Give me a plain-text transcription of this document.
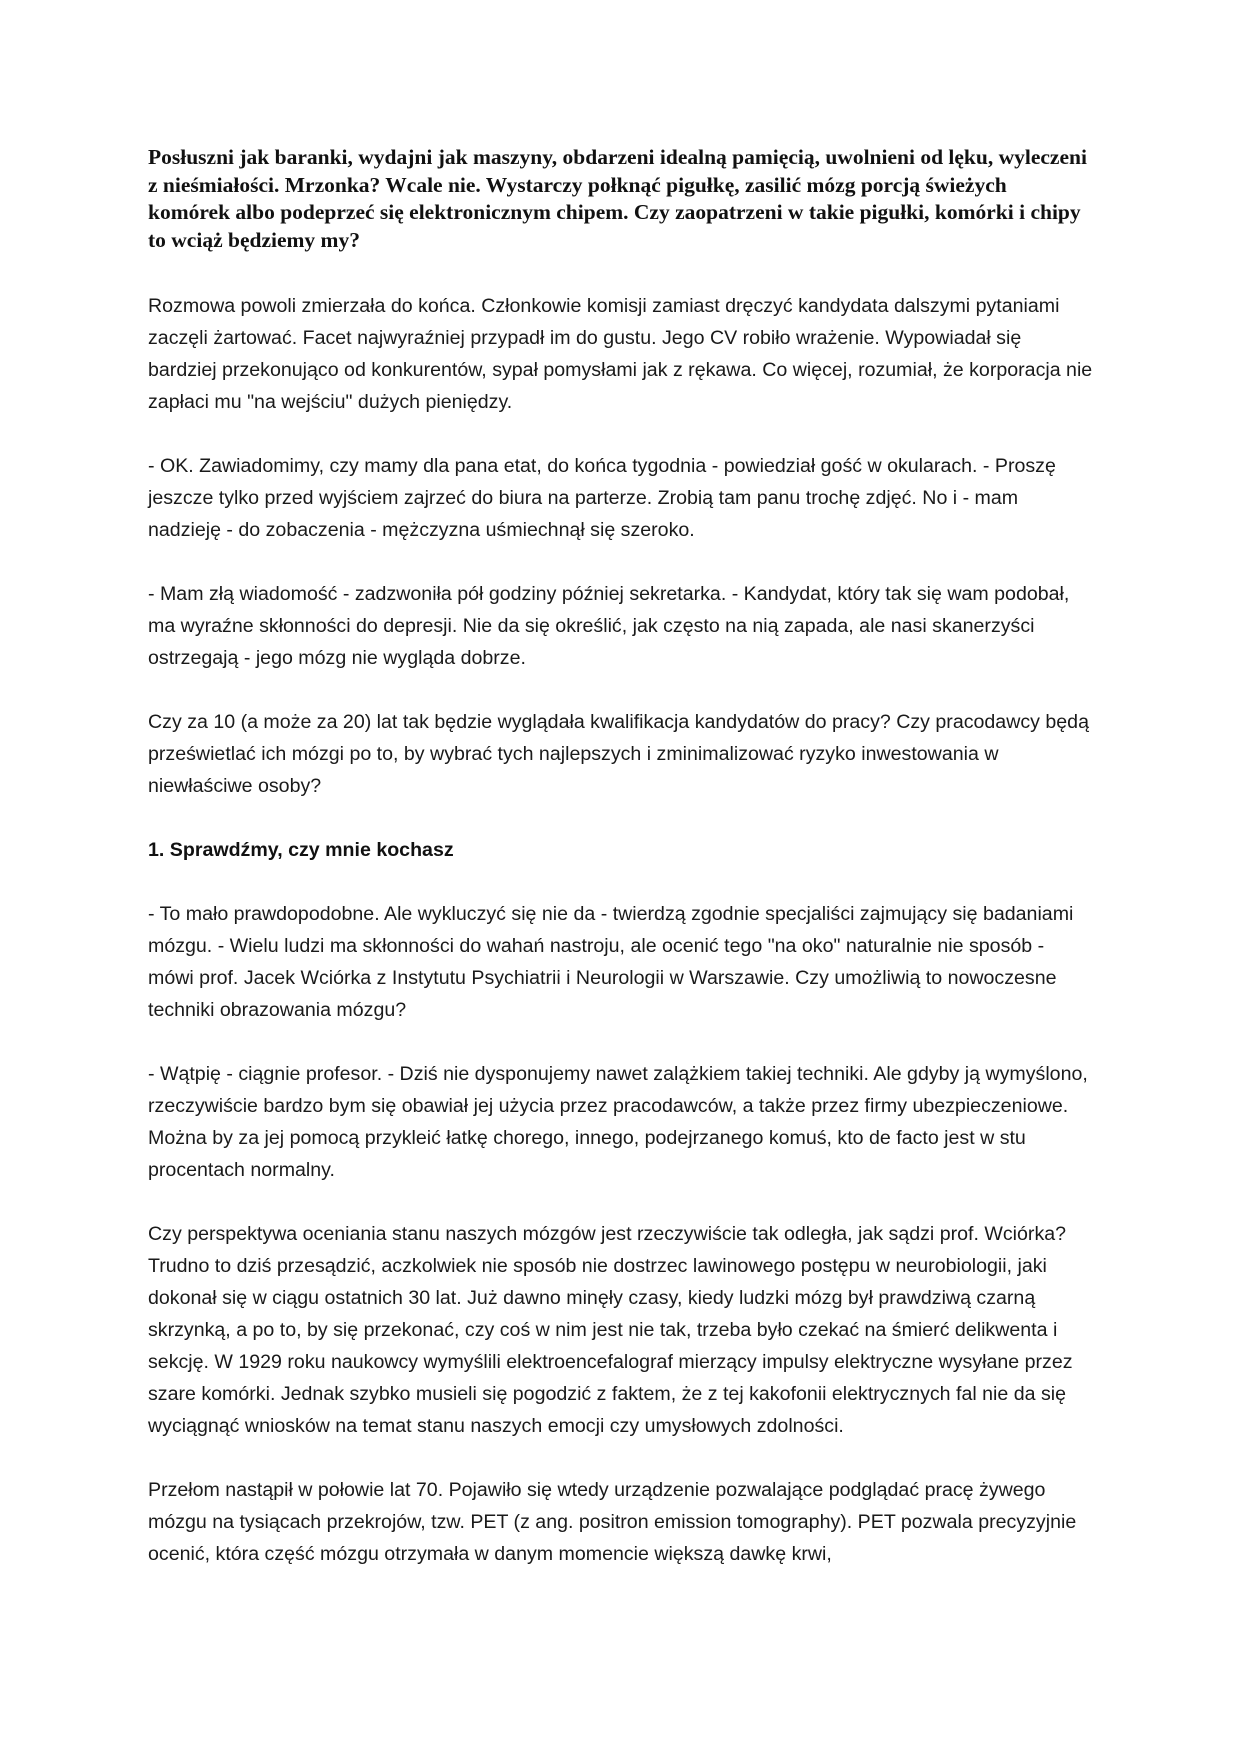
Posłuszni jak baranki, wydajni jak maszyny, obdarzeni idealną pamięcią, uwolnieni od lęku, wyleczeni z nieśmiałości. Mrzonka? Wcale nie. Wystarczy połknąć pigułkę, zasilić mózg porcją świeżych komórek albo podeprzeć się elektronicznym chipem. Czy zaopatrzeni w takie pigułki, komórki i chipy to wciąż będziemy my?

Rozmowa powoli zmierzała do końca. Członkowie komisji zamiast dręczyć kandydata dalszymi pytaniami zaczęli żartować. Facet najwyraźniej przypadł im do gustu. Jego CV robiło wrażenie. Wypowiadał się bardziej przekonująco od konkurentów, sypał pomysłami jak z rękawa. Co więcej, rozumiał, że korporacja nie zapłaci mu "na wejściu" dużych pieniędzy.

- OK. Zawiadomimy, czy mamy dla pana etat, do końca tygodnia - powiedział gość w okularach. - Proszę jeszcze tylko przed wyjściem zajrzeć do biura na parterze. Zrobią tam panu trochę zdjęć. No i - mam nadzieję - do zobaczenia - mężczyzna uśmiechnął się szeroko.

- Mam złą wiadomość - zadzwoniła pół godziny później sekretarka. - Kandydat, który tak się wam podobał, ma wyraźne skłonności do depresji. Nie da się określić, jak często na nią zapada, ale nasi skanerzyści ostrzegają - jego mózg nie wygląda dobrze.

Czy za 10 (a może za 20) lat tak będzie wyglądała kwalifikacja kandydatów do pracy? Czy pracodawcy będą prześwietlać ich mózgi po to, by wybrać tych najlepszych i zminimalizować ryzyko inwestowania w niewłaściwe osoby?

1. Sprawdźmy, czy mnie kochasz

- To mało prawdopodobne. Ale wykluczyć się nie da - twierdzą zgodnie specjaliści zajmujący się badaniami mózgu. - Wielu ludzi ma skłonności do wahań nastroju, ale ocenić tego "na oko" naturalnie nie sposób - mówi prof. Jacek Wciórka z Instytutu Psychiatrii i Neurologii w Warszawie. Czy umożliwią to nowoczesne techniki obrazowania mózgu?

- Wątpię - ciągnie profesor. - Dziś nie dysponujemy nawet zalążkiem takiej techniki. Ale gdyby ją wymyślono, rzeczywiście bardzo bym się obawiał jej użycia przez pracodawców, a także przez firmy ubezpieczeniowe. Można by za jej pomocą przykleić łatkę chorego, innego, podejrzanego komuś, kto de facto jest w stu procentach normalny.

Czy perspektywa oceniania stanu naszych mózgów jest rzeczywiście tak odległa, jak sądzi prof. Wciórka? Trudno to dziś przesądzić, aczkolwiek nie sposób nie dostrzec lawinowego postępu w neurobiologii, jaki dokonał się w ciągu ostatnich 30 lat. Już dawno minęły czasy, kiedy ludzki mózg był prawdziwą czarną skrzynką, a po to, by się przekonać, czy coś w nim jest nie tak, trzeba było czekać na śmierć delikwenta i sekcję. W 1929 roku naukowcy wymyślili elektroencefalograf mierzący impulsy elektryczne wysyłane przez szare komórki. Jednak szybko musieli się pogodzić z faktem, że z tej kakofonii elektrycznych fal nie da się wyciągnąć wniosków na temat stanu naszych emocji czy umysłowych zdolności.

Przełom nastąpił w połowie lat 70. Pojawiło się wtedy urządzenie pozwalające podglądać pracę żywego mózgu na tysiącach przekrojów, tzw. PET (z ang. positron emission tomography). PET pozwala precyzyjnie ocenić, która część mózgu otrzymała w danym momencie większą dawkę krwi,
